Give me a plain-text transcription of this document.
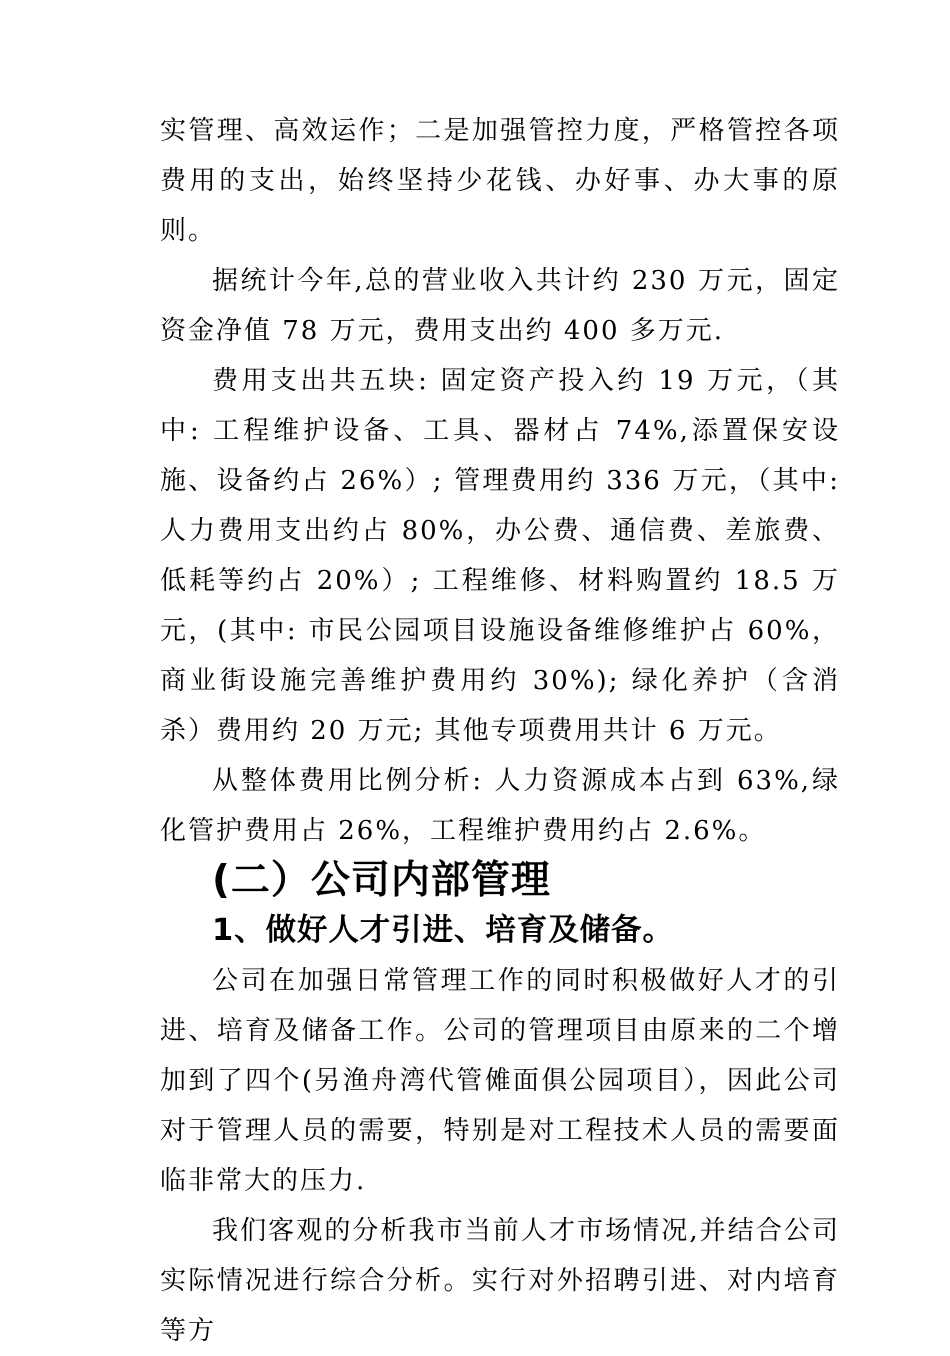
实管理、高效运作；二是加强管控力度，严格管控各项费用的支出，始终坚持少花钱、办好事、办大事的原则。

据统计今年,总的营业收入共计约 230 万元，固定资金净值 78 万元，费用支出约 400 多万元.

费用支出共五块: 固定资产投入约 19 万元，（其中: 工程维护设备、工具、器材占 74%,添置保安设施、设备约占 26%）; 管理费用约 336 万元，（其中: 人力费用支出约占 80%，办公费、通信费、差旅费、低耗等约占 20%）; 工程维修、材料购置约 18.5 万元，(其中: 市民公园项目设施设备维修维护占 60%，商业街设施完善维护费用约 30%); 绿化养护（含消杀）费用约 20 万元; 其他专项费用共计 6 万元。

从整体费用比例分析: 人力资源成本占到 63%,绿化管护费用占 26%，工程维护费用约占 2.6%。

(二）公司内部管理
1、做好人才引进、培育及储备。

公司在加强日常管理工作的同时积极做好人才的引进、培育及储备工作。公司的管理项目由原来的二个增加到了四个(另渔舟湾代管傩面俱公园项目），因此公司对于管理人员的需要，特别是对工程技术人员的需要面临非常大的压力.

我们客观的分析我市当前人才市场情况,并结合公司实际情况进行综合分析。实行对外招聘引进、对内培育等方
